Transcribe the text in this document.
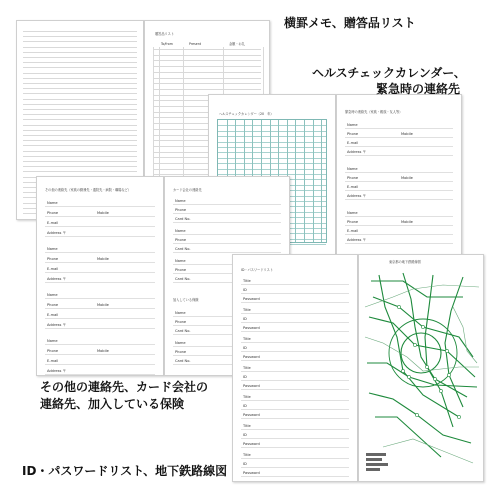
贈答品リスト
To/from	Present	金額・お礼
ヘルスチェックカレンダー（20　年）	緊急時の連絡先（家族・親族・友人等）
Name
Phone	Mobile
E-mail
Address 〒
Name
Phone	Mobile
E-mail
Address 〒
Name
Phone	Mobile
E-mail
Address 〒
その他の連絡先（家族の勤務先・通院先・病院・職場など）
Name
Phone	Mobile
E-mail
Address 〒
Name
Phone	Mobile
E-mail
Address 〒
Name
Phone	Mobile
E-mail
Address 〒
Name
Phone	Mobile
E-mail
Address 〒
カード会社の連絡先
Name
Phone
Card No.
Name
Phone
Card No.
Name
Phone
Card No.
加入している保険
Name
Phone
Card No.
Name
Phone
Card No.
ID・パスワードリスト
Title
ID
Password
Title
ID
Password
Title
ID
Password
Title
ID
Password
Title
ID
Password
Title
ID
Password
Title
ID
Password
東京都の地下鉄路線図
横罫メモ、贈答品リスト
ヘルスチェックカレンダー、
緊急時の連絡先
その他の連絡先、カード会社の
連絡先、加入している保険
ID・パスワードリスト、地下鉄路線図
